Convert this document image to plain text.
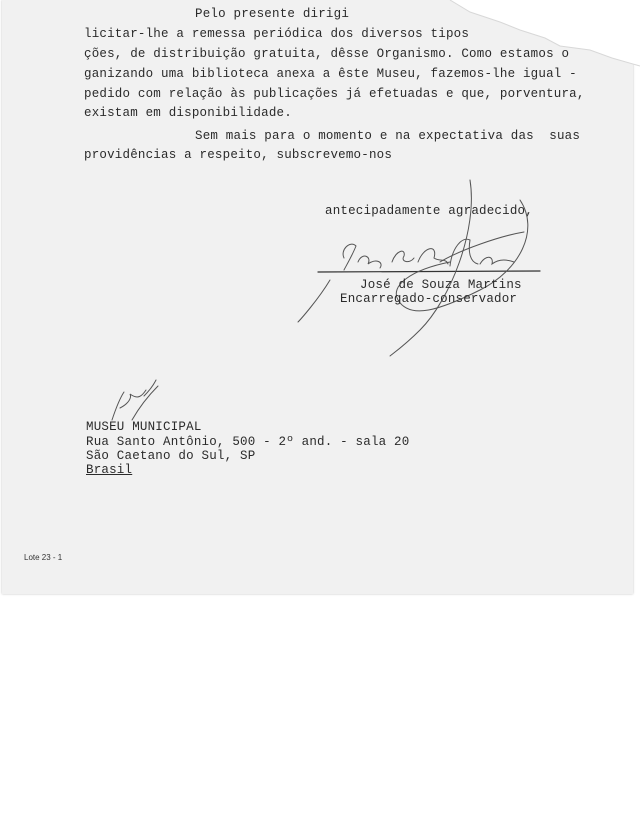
Pelo presente dirigi
licitar-lhe a remessa periódica dos diversos tipos
ções, de distribuição gratuita, dêsse Organismo. Como estamos o
ganizando uma biblioteca anexa a êste Museu, fazemos-lhe igual -
pedido com relação às publicações já efetuadas e que, porventura,
existam em disponibilidade.
Sem mais para o momento e na expectativa das  suas
providências a respeito, subscrevemo-nos
antecipadamente agradecido,
José de Souza Martins
Encarregado-conservador
MUSEU MUNICIPAL
Rua Santo Antônio, 500 - 2º and. - sala 20
São Caetano do Sul, SP
Brasil
Lote 23 - 1
